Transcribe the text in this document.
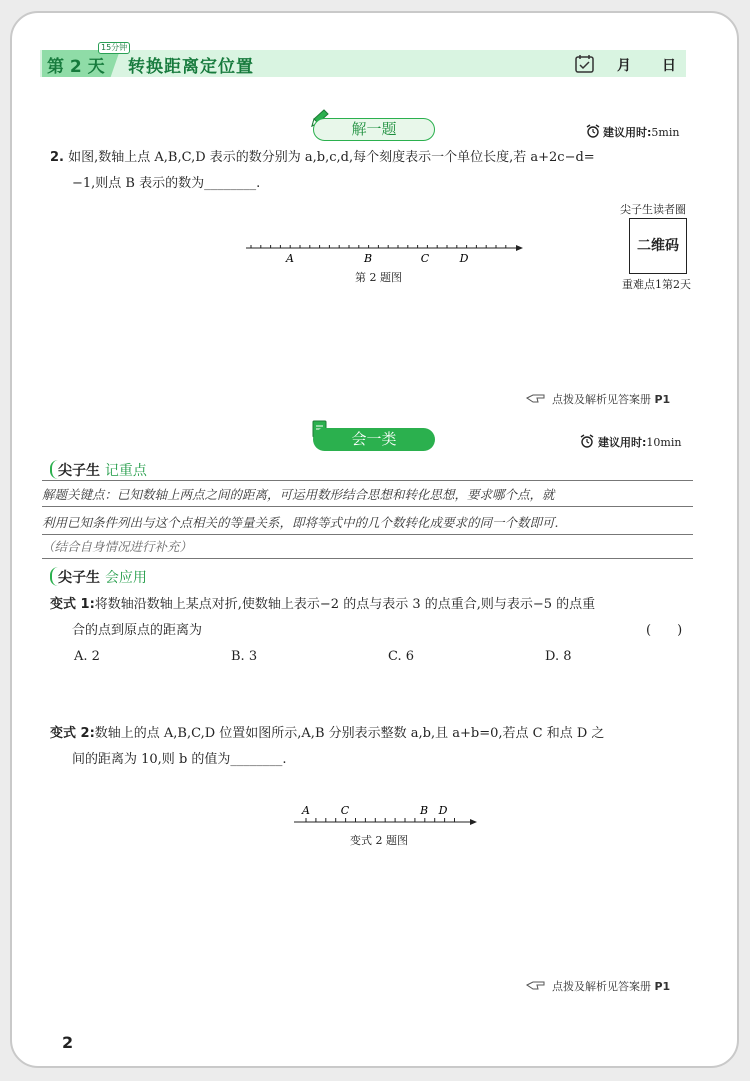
第 2 天
15分钟
转换距离定位置	月 日
解一题	建议用时:5min
2. 如图,数轴上点 A,B,C,D 表示的数分别为 a,b,c,d,每个刻度表示一个单位长度,若 a+2c−d=
−1,则点 B 表示的数为________.
A	B	C	D
第 2 题图
尖子生读者圈
二维码
重难点1第2天
点拨及解析见答案册 P1
会一类	建议用时:10min
尖子生 记重点
解题关键点：已知数轴上两点之间的距离，可运用数形结合思想和转化思想，要求哪个点，就
利用已知条件列出与这个点相关的等量关系，即将等式中的几个数转化成要求的同一个数即可.
（结合自身情况进行补充）
尖子生 会应用
变式 1:将数轴沿数轴上某点对折,使数轴上表示−2 的点与表示 3 的点重合,则与表示−5 的点重
合的点到原点的距离为	(　　)
A. 2	B. 3	C. 6	D. 8
变式 2:数轴上的点 A,B,C,D 位置如图所示,A,B 分别表示整数 a,b,且 a+b=0,若点 C 和点 D 之
间的距离为 10,则 b 的值为________.
A	C	B D
变式 2 题图
点拨及解析见答案册 P1
2
